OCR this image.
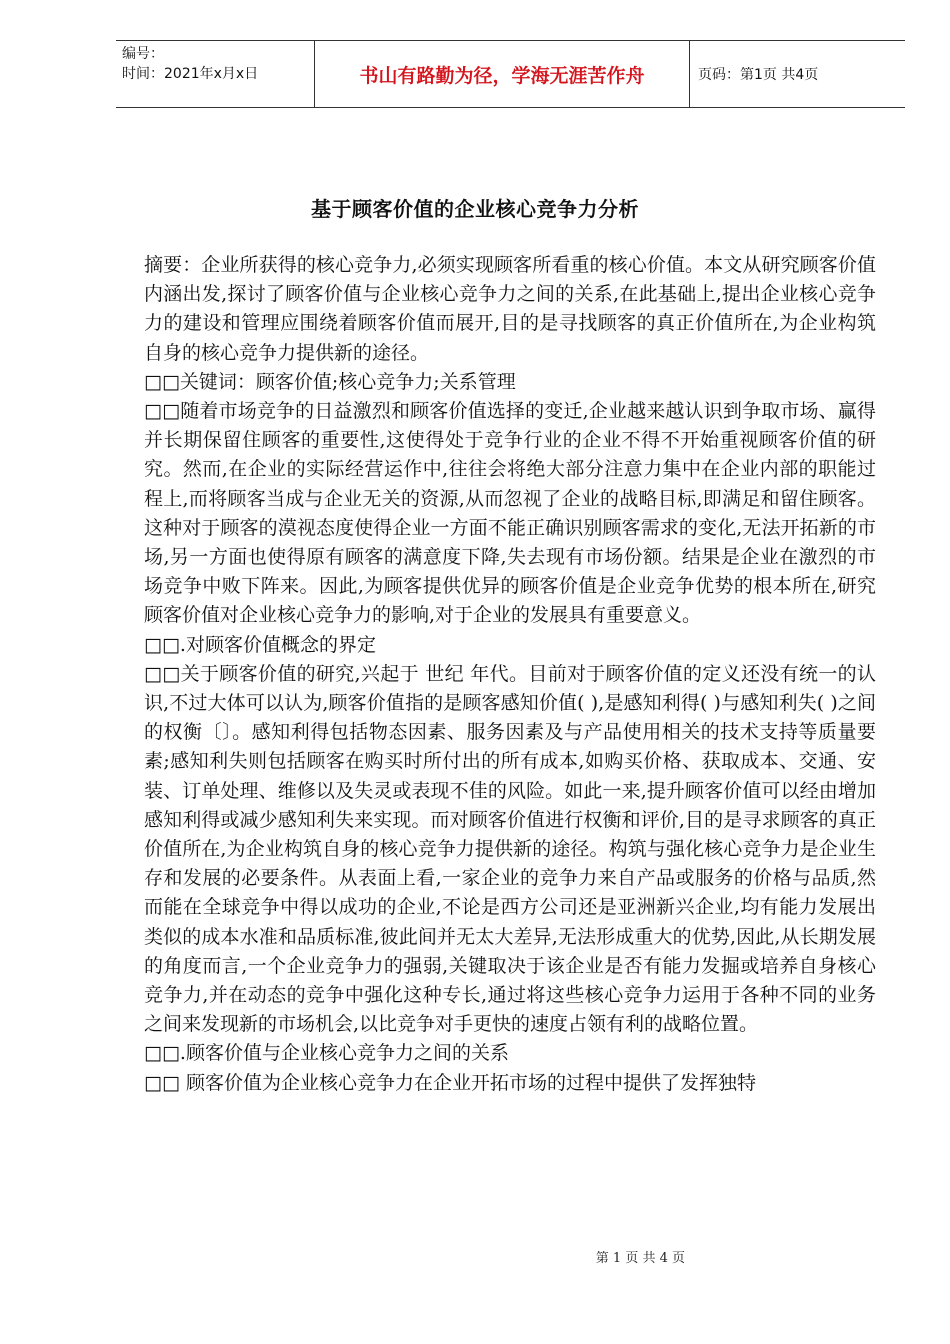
编号：
时间：2021年x月x日	书山有路勤为径，学海无涯苦作舟	页码：第1页 共4页
基于顾客价值的企业核心竞争力分析

摘要：企业所获得的核心竞争力,必须实现顾客所看重的核心价值。本文从研究顾客价值内涵出发,探讨了顾客价值与企业核心竞争力之间的关系,在此基础上,提出企业核心竞争力的建设和管理应围绕着顾客价值而展开,目的是寻找顾客的真正价值所在,为企业构筑自身的核心竞争力提供新的途径。

□□关键词：顾客价值;核心竞争力;关系管理

□□随着市场竞争的日益激烈和顾客价值选择的变迁,企业越来越认识到争取市场、赢得并长期保留住顾客的重要性,这使得处于竞争行业的企业不得不开始重视顾客价值的研究。然而,在企业的实际经营运作中,往往会将绝大部分注意力集中在企业内部的职能过程上,而将顾客当成与企业无关的资源,从而忽视了企业的战略目标,即满足和留住顾客。这种对于顾客的漠视态度使得企业一方面不能正确识别顾客需求的变化,无法开拓新的市场,另一方面也使得原有顾客的满意度下降,失去现有市场份额。结果是企业在激烈的市场竞争中败下阵来。因此,为顾客提供优异的顾客价值是企业竞争优势的根本所在,研究顾客价值对企业核心竞争力的影响,对于企业的发展具有重要意义。

□□.对顾客价值概念的界定

□□关于顾客价值的研究,兴起于 世纪 年代。目前对于顾客价值的定义还没有统一的认识,不过大体可以认为,顾客价值指的是顾客感知价值( ),是感知利得( )与感知利失( )之间的权衡〔〕。感知利得包括物态因素、服务因素及与产品使用相关的技术支持等质量要素;感知利失则包括顾客在购买时所付出的所有成本,如购买价格、获取成本、交通、安装、订单处理、维修以及失灵或表现不佳的风险。如此一来,提升顾客价值可以经由增加感知利得或减少感知利失来实现。而对顾客价值进行权衡和评价,目的是寻求顾客的真正价值所在,为企业构筑自身的核心竞争力提供新的途径。构筑与强化核心竞争力是企业生存和发展的必要条件。从表面上看,一家企业的竞争力来自产品或服务的价格与品质,然而能在全球竞争中得以成功的企业,不论是西方公司还是亚洲新兴企业,均有能力发展出类似的成本水准和品质标准,彼此间并无太大差异,无法形成重大的优势,因此,从长期发展的角度而言,一个企业竞争力的强弱,关键取决于该企业是否有能力发掘或培养自身核心竞争力,并在动态的竞争中强化这种专长,通过将这些核心竞争力运用于各种不同的业务之间来发现新的市场机会,以比竞争对手更快的速度占领有利的战略位置。

□□.顾客价值与企业核心竞争力之间的关系

□□ 顾客价值为企业核心竞争力在企业开拓市场的过程中提供了发挥独特

第 1 页 共 4 页
